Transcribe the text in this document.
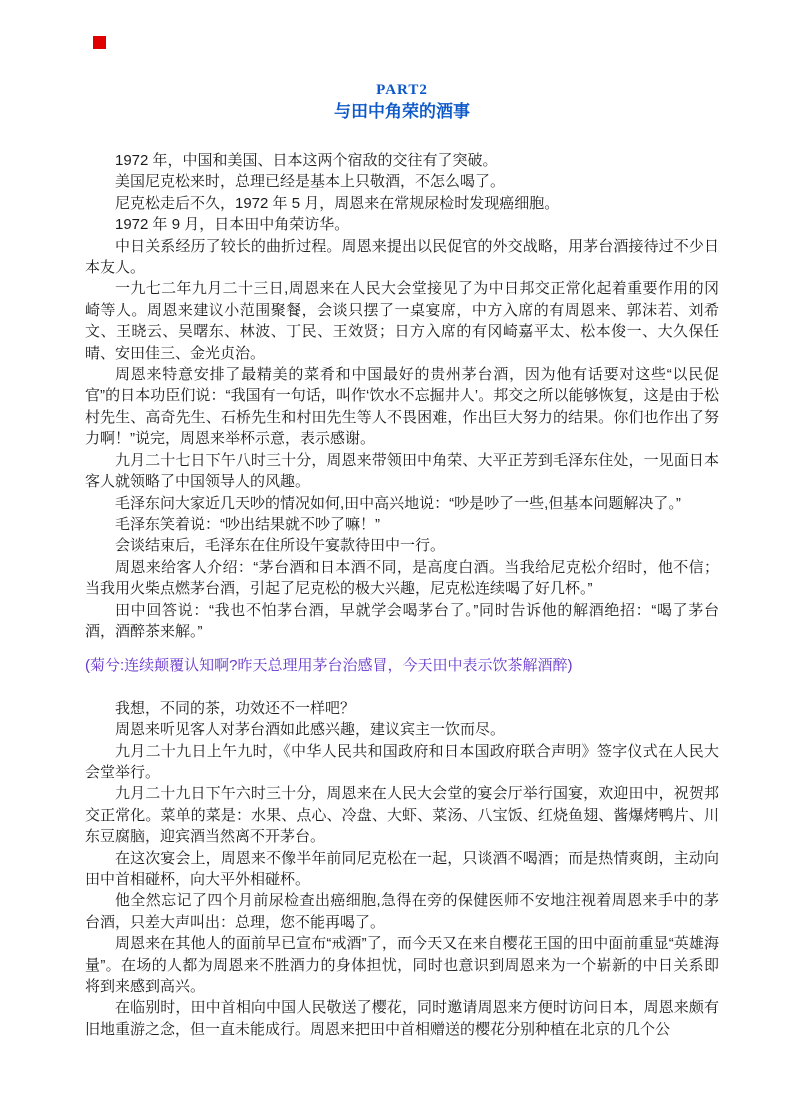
PART2
与田中角荣的酒事

1972 年，中国和美国、日本这两个宿敌的交往有了突破。

美国尼克松来时，总理已经是基本上只敬酒，不怎么喝了。

尼克松走后不久，1972 年 5 月，周恩来在常规尿检时发现癌细胞。

1972 年 9 月，日本田中角荣访华。

中日关系经历了较长的曲折过程。周恩来提出以民促官的外交战略，用茅台酒接待过不少日本友人。

一九七二年九月二十三日,周恩来在人民大会堂接见了为中日邦交正常化起着重要作用的冈崎等人。周恩来建议小范围聚餐，会谈只摆了一桌宴席，中方入席的有周恩来、郭沫若、刘希文、王晓云、吴曙东、林波、丁民、王效贤；日方入席的有冈崎嘉平太、松本俊一、大久保任晴、安田佳三、金光贞治。

周恩来特意安排了最精美的菜肴和中国最好的贵州茅台酒，因为他有话要对这些“以民促官”的日本功臣们说：“我国有一句话，叫作‘饮水不忘掘井人’。邦交之所以能够恢复，这是由于松村先生、高奇先生、石桥先生和村田先生等人不畏困难，作出巨大努力的结果。你们也作出了努力啊！”说完，周恩来举杯示意，表示感谢。

九月二十七日下午八时三十分，周恩来带领田中角荣、大平正芳到毛泽东住处，一见面日本客人就领略了中国领导人的风趣。

毛泽东问大家近几天吵的情况如何,田中高兴地说：“吵是吵了一些,但基本问题解决了。”

毛泽东笑着说：“吵出结果就不吵了嘛！”

会谈结束后，毛泽东在住所设午宴款待田中一行。

周恩来给客人介绍：“茅台酒和日本酒不同，是高度白酒。当我给尼克松介绍时，他不信；当我用火柴点燃茅台酒，引起了尼克松的极大兴趣，尼克松连续喝了好几杯。”

田中回答说：“我也不怕茅台酒，早就学会喝茅台了。”同时告诉他的解酒绝招：“喝了茅台酒，酒醉茶来解。”

(菊兮:连续颠覆认知啊?昨天总理用茅台治感冒，今天田中表示饮茶解酒醉)

我想，不同的茶，功效还不一样吧？

周恩来听见客人对茅台酒如此感兴趣，建议宾主一饮而尽。

九月二十九日上午九时，《中华人民共和国政府和日本国政府联合声明》签字仪式在人民大会堂举行。

九月二十九日下午六时三十分，周恩来在人民大会堂的宴会厅举行国宴，欢迎田中，祝贺邦交正常化。菜单的菜是：水果、点心、冷盘、大虾、菜汤、八宝饭、红烧鱼翅、酱爆烤鸭片、川东豆腐脑，迎宾酒当然离不开茅台。

在这次宴会上，周恩来不像半年前同尼克松在一起，只谈酒不喝酒；而是热情爽朗，主动向田中首相碰杯，向大平外相碰杯。

他全然忘记了四个月前尿检查出癌细胞,急得在旁的保健医师不安地注视着周恩来手中的茅台酒，只差大声叫出：总理，您不能再喝了。

周恩来在其他人的面前早已宣布“戒酒”了，而今天又在来自樱花王国的田中面前重显“英雄海量”。在场的人都为周恩来不胜酒力的身体担忧，同时也意识到周恩来为一个崭新的中日关系即将到来感到高兴。

在临别时，田中首相向中国人民敬送了樱花，同时邀请周恩来方便时访问日本，周恩来颇有旧地重游之念，但一直未能成行。周恩来把田中首相赠送的樱花分别种植在北京的几个公
